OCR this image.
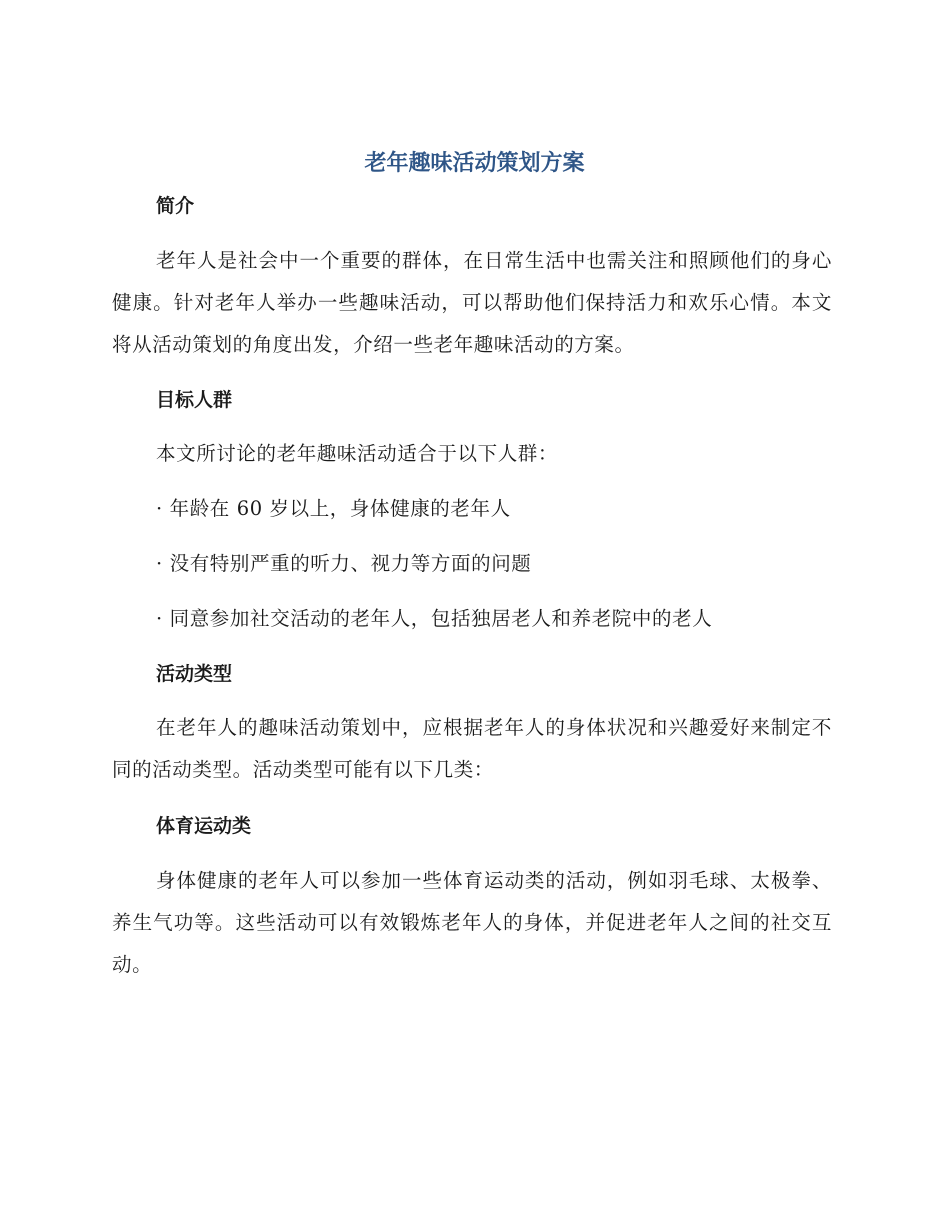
老年趣味活动策划方案
简介

老年人是社会中一个重要的群体，在日常生活中也需关注和照顾他们的身心健康。针对老年人举办一些趣味活动，可以帮助他们保持活力和欢乐心情。本文将从活动策划的角度出发，介绍一些老年趣味活动的方案。

目标人群

本文所讨论的老年趣味活动适合于以下人群：

· 年龄在 60 岁以上，身体健康的老年人

· 没有特别严重的听力、视力等方面的问题

· 同意参加社交活动的老年人，包括独居老人和养老院中的老人

活动类型

在老年人的趣味活动策划中，应根据老年人的身体状况和兴趣爱好来制定不同的活动类型。活动类型可能有以下几类：

体育运动类

身体健康的老年人可以参加一些体育运动类的活动，例如羽毛球、太极拳、养生气功等。这些活动可以有效锻炼老年人的身体，并促进老年人之间的社交互动。
